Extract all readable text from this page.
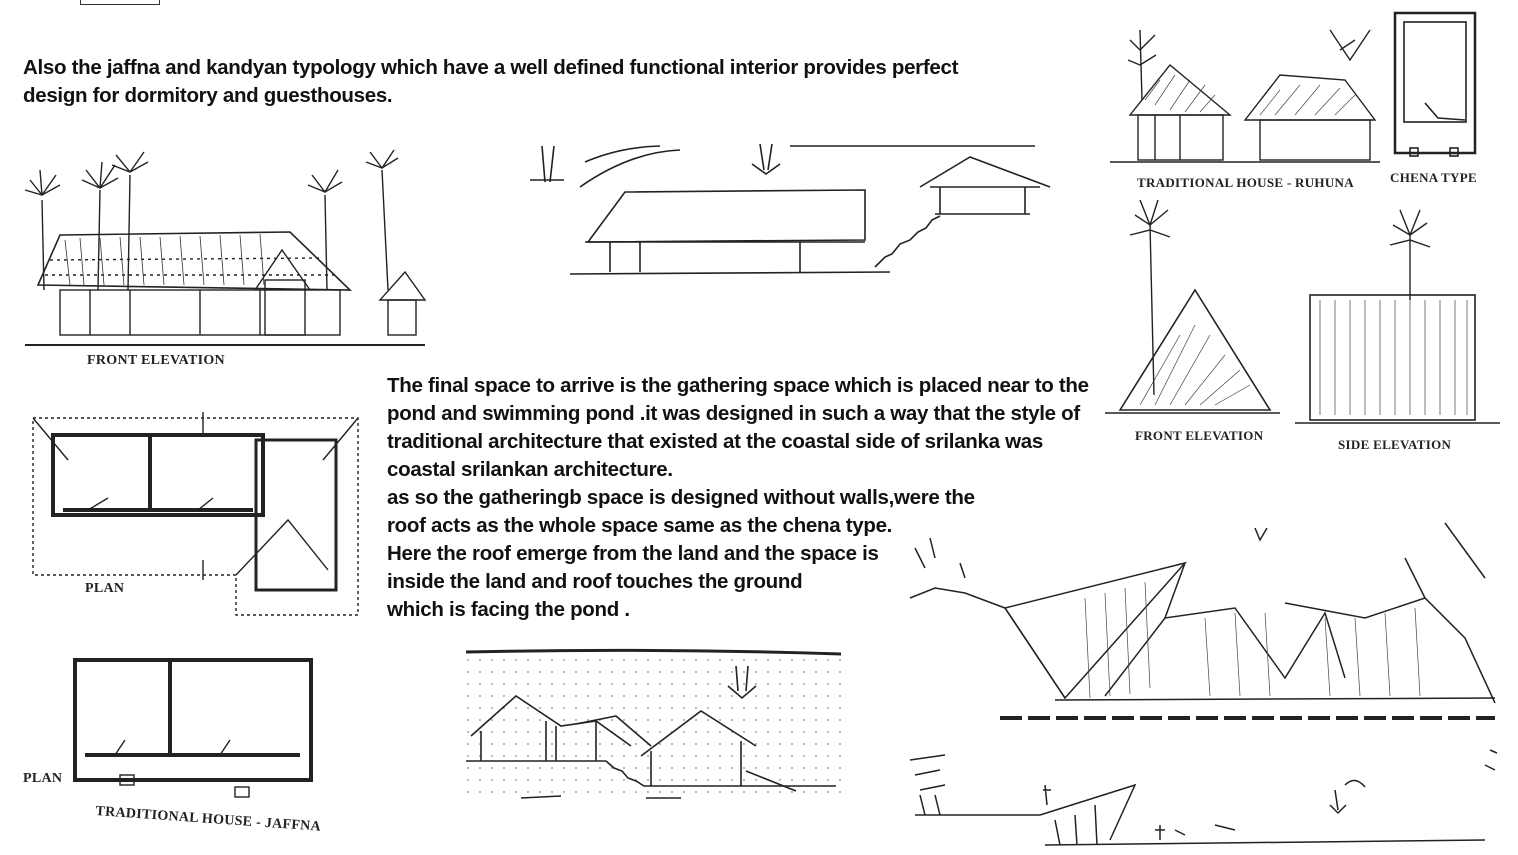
Also the jaffna and kandyan typology which have a well defined functional interior provides perfect
design for dormitory and guesthouses.
FRONT ELEVATION
PLAN
PLAN
TRADITIONAL HOUSE - JAFFNA
The final space to arrive is the gathering space which is placed near to the
pond and swimming pond .it was designed in such a way that the style of
traditional architecture that existed at the coastal side of srilanka was
coastal srilankan architecture.
as so the gatheringb space is designed without walls,were the
roof acts as the whole space same as the chena type.
Here the roof emerge from the land and the space is
inside the land and roof touches the ground
which is facing the pond .
TRADITIONAL HOUSE - RUHUNA	CHENA TYPE
FRONT ELEVATION
SIDE ELEVATION
